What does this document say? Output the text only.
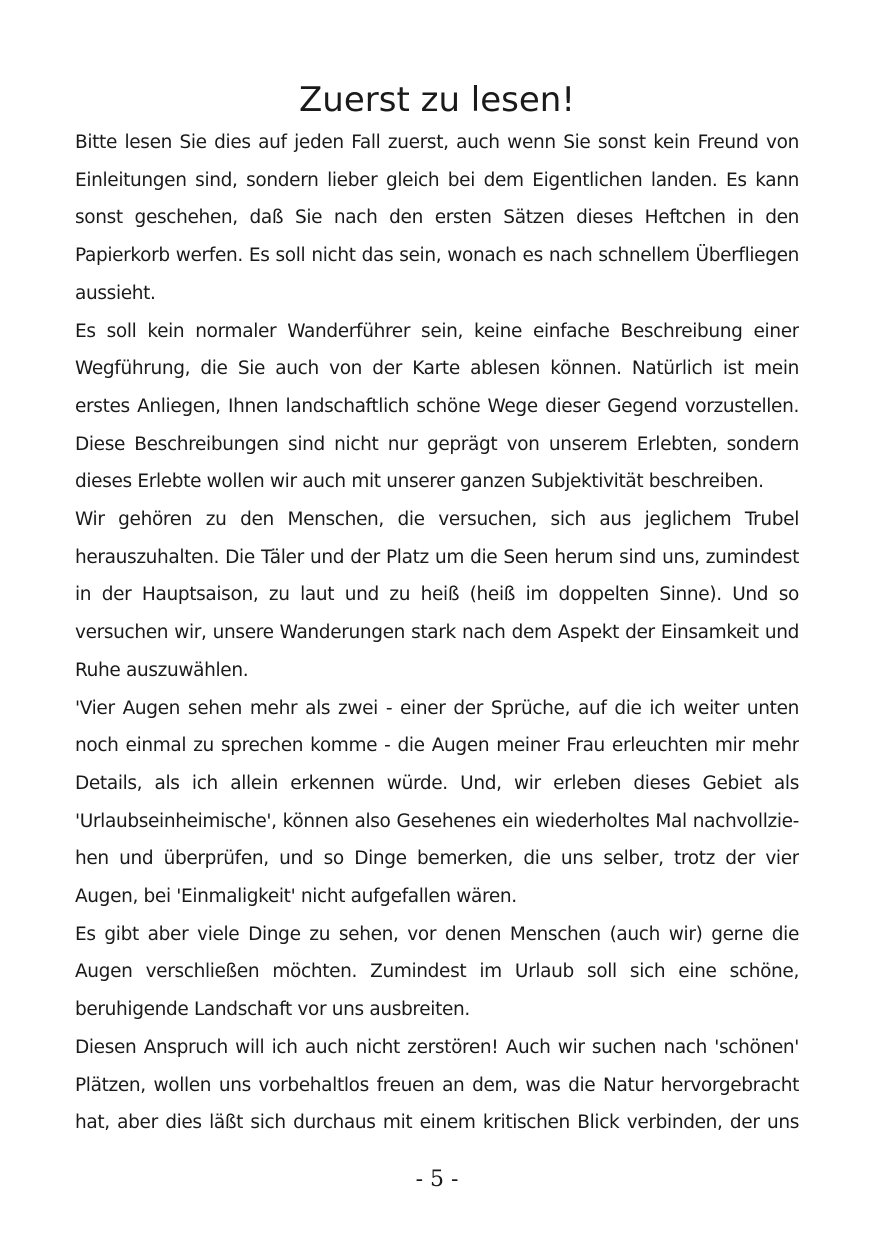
Zuerst zu lesen!
Bitte lesen Sie dies auf jeden Fall zuerst, auch wenn Sie sonst kein Freund von
Einleitungen sind, sondern lieber gleich bei dem Eigentlichen landen. Es kann
sonst geschehen, daß Sie nach den ersten Sätzen dieses Heftchen in den
Papierkorb werfen. Es soll nicht das sein, wonach es nach schnellem Überfliegen
aussieht.
Es soll kein normaler Wanderführer sein, keine einfache Beschreibung einer
Wegführung, die Sie auch von der Karte ablesen können. Natürlich ist mein
erstes Anliegen, Ihnen landschaftlich schöne Wege dieser Gegend vorzustellen.
Diese Beschreibungen sind nicht nur geprägt von unserem Erlebten, sondern
dieses Erlebte wollen wir auch mit unserer ganzen Subjektivität beschreiben.
Wir gehören zu den Menschen, die versuchen, sich aus jeglichem Trubel
herauszuhalten. Die Täler und der Platz um die Seen herum sind uns, zumindest
in der Hauptsaison, zu laut und zu heiß (heiß im doppelten Sinne). Und so
versuchen wir, unsere Wanderungen stark nach dem Aspekt der Einsamkeit und
Ruhe auszuwählen.
'Vier Augen sehen mehr als zwei - einer der Sprüche, auf die ich weiter unten
noch einmal zu sprechen komme - die Augen meiner Frau erleuchten mir mehr
Details, als ich allein erkennen würde. Und, wir erleben dieses Gebiet als
'Urlaubseinheimische', können also Gesehenes ein wiederholtes Mal nachvollzie-
hen und überprüfen, und so Dinge bemerken, die uns selber, trotz der vier
Augen, bei 'Einmaligkeit' nicht aufgefallen wären.
Es gibt aber viele Dinge zu sehen, vor denen Menschen (auch wir) gerne die
Augen verschließen möchten. Zumindest im Urlaub soll sich eine schöne,
beruhigende Landschaft vor uns ausbreiten.
Diesen Anspruch will ich auch nicht zerstören! Auch wir suchen nach 'schönen'
Plätzen, wollen uns vorbehaltlos freuen an dem, was die Natur hervorgebracht
hat, aber dies läßt sich durchaus mit einem kritischen Blick verbinden, der uns
- 5 -
